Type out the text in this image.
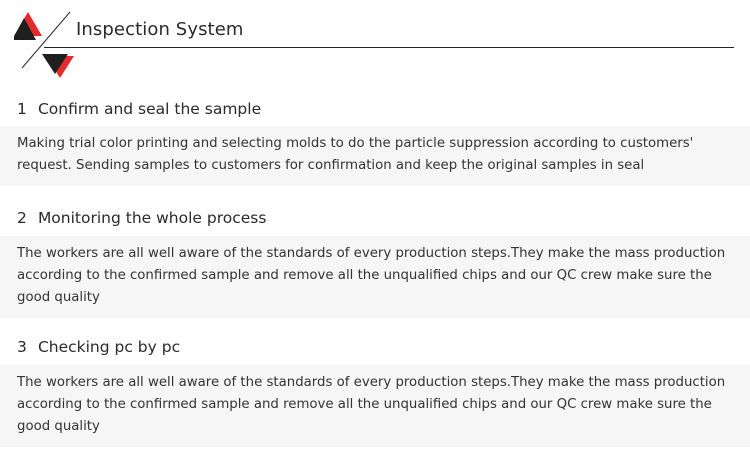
Inspection System
1 Confirm and seal the sample
Making trial color printing and selecting molds to do the particle suppression according to customers' request. Sending samples to customers for confirmation and keep the original samples in seal
2 Monitoring the whole process
The workers are all well aware of the standards of every production steps.They make the mass production according to the confirmed sample and remove all the unqualified chips and our QC crew make sure the good quality
3 Checking pc by pc
The workers are all well aware of the standards of every production steps.They make the mass production according to the confirmed sample and remove all the unqualified chips and our QC crew make sure the good quality
